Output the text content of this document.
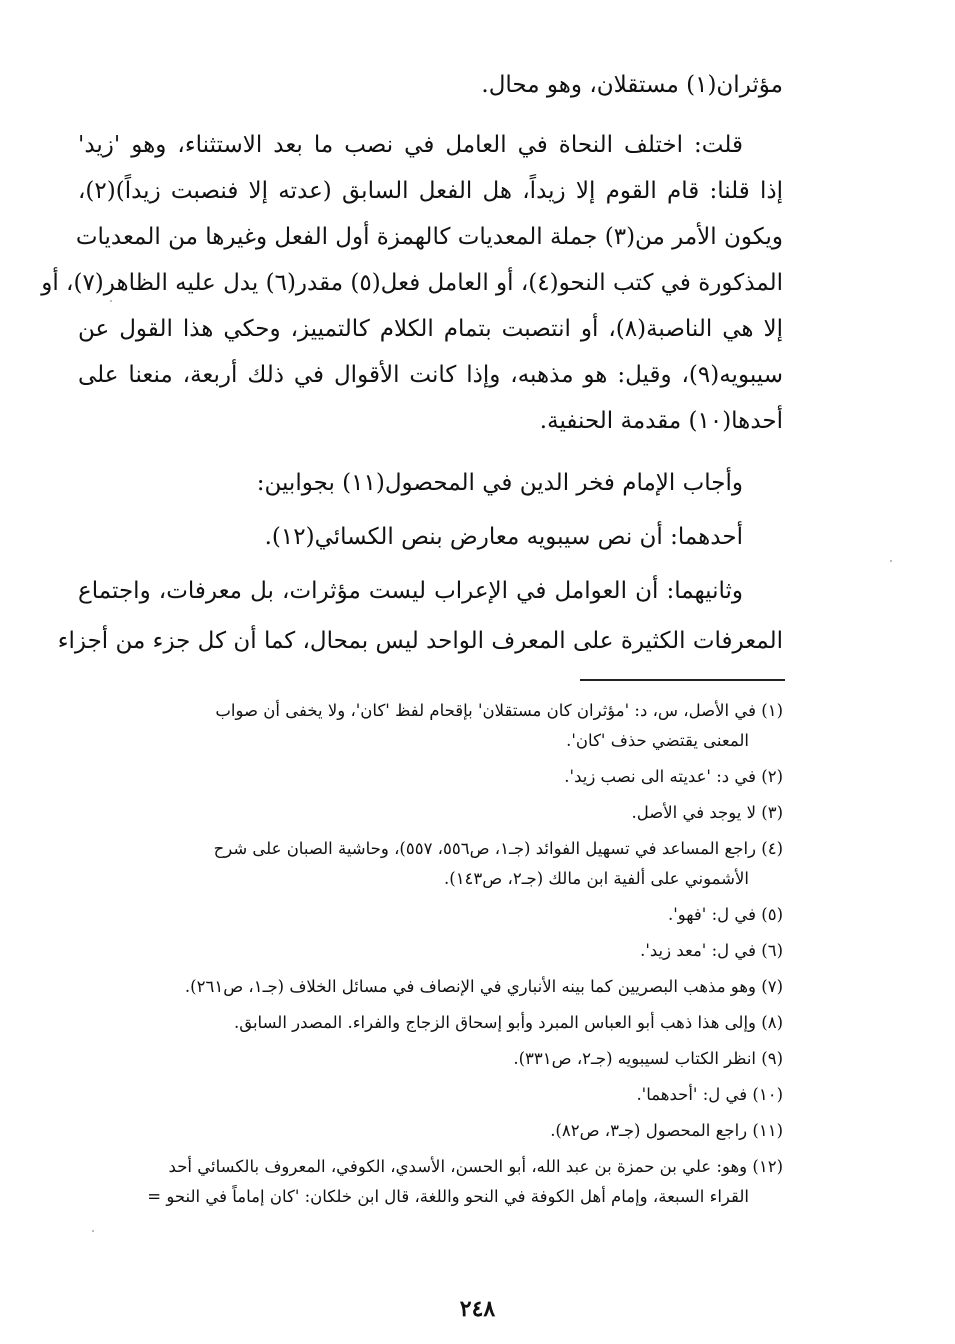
مؤثران(١) مستقلان، وهو محال.
قلت: اختلف النحاة في العامل في نصب ما بعد الاستثناء، وهو 'زيد'
إذا قلنا: قام القوم إلا زيداً، هل الفعل السابق (عدته إلا فنصبت زيداً)(٢)،
ويكون الأمر من(٣) جملة المعديات كالهمزة أول الفعل وغيرها من المعديات
المذكورة في كتب النحو(٤)، أو العامل فعل(٥) مقدر(٦) يدل عليه الظاهر(٧)، أو
إلا هي الناصبة(٨)، أو انتصبت بتمام الكلام كالتمييز، وحكي هذا القول عن
سيبويه(٩)، وقيل: هو مذهبه، وإذا كانت الأقوال في ذلك أربعة، منعنا على
أحدها(١٠) مقدمة الحنفية.
وأجاب الإمام فخر الدين في المحصول(١١) بجوابين:
أحدهما: أن نص سيبويه معارض بنص الكسائي(١٢).
وثانيهما: أن العوامل في الإعراب ليست مؤثرات، بل معرفات، واجتماع
المعرفات الكثيرة على المعرف الواحد ليس بمحال، كما أن كل جزء من أجزاء
(١) في الأصل، س، د: 'مؤثران كان مستقلان' بإقحام لفظ 'كان'، ولا يخفى أن صواب
المعنى يقتضي حذف 'كان'.
(٢) في د: 'عديته الى نصب زيد'.
(٣) لا يوجد في الأصل.
(٤) راجع المساعد في تسهيل الفوائد (جـ١، ص٥٥٦، ٥٥٧)، وحاشية الصبان على شرح
الأشموني على ألفية ابن مالك (جـ٢، ص١٤٣).
(٥) في ل: 'فهو'.
(٦) في ل: 'معد زيد'.
(٧) وهو مذهب البصريين كما بينه الأنباري في الإنصاف في مسائل الخلاف (جـ١، ص٢٦١).
(٨) وإلى هذا ذهب أبو العباس المبرد وأبو إسحاق الزجاج والفراء. المصدر السابق.
(٩) انظر الكتاب لسيبويه (جـ٢، ص٣٣١).
(١٠) في ل: 'أحدهما'.
(١١) راجع المحصول (جـ٣، ص٨٢).
(١٢) وهو: علي بن حمزة بن عبد الله، أبو الحسن، الأسدي، الكوفي، المعروف بالكسائي أحد
القراء السبعة، وإمام أهل الكوفة في النحو واللغة، قال ابن خلكان: 'كان إماماً في النحو =
٢٤٨
